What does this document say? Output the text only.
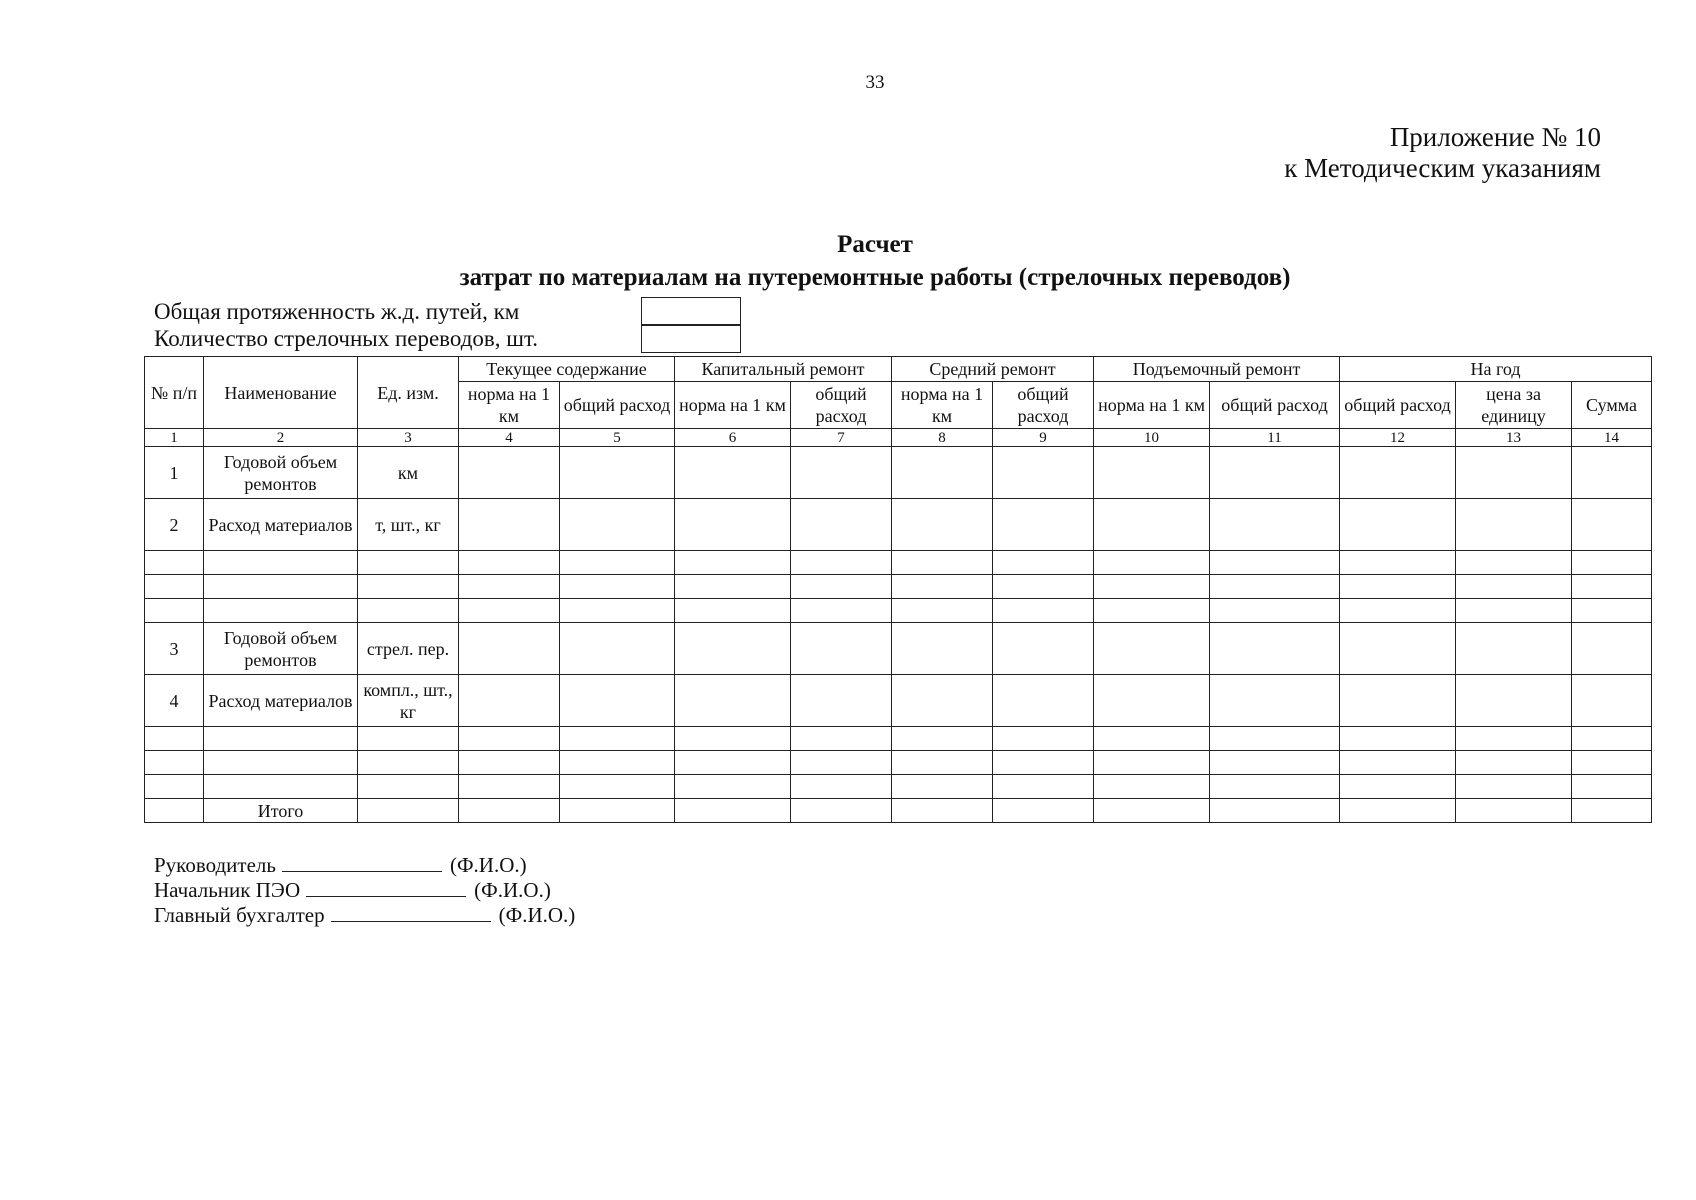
33
Приложение № 10
к Методическим указаниям
Расчет
затрат по материалам на путеремонтные работы (стрелочных переводов)
Общая протяженность ж.д. путей, км
Количество стрелочных переводов, шт.
№ п/п	Наименование	Ед. изм.	Текущее содержание		Капитальный ремонт		Средний ремонт		Подъемочный ремонт		На год		
			норма на 1 км	общий расход	норма на 1 км	общий расход	норма на 1 км	общий расход	норма на 1 км	общий расход	общий расход	цена за единицу	Сумма
1	2	3	4	5	6	7	8	9	10	11	12	13	14
1	Годовой объем ремонтов	км											
2	Расход материалов	т, шт., кг											

3	Годовой объем ремонтов	стрел. пер.											
4	Расход материалов	компл., шт., кг											

	Итого												
Руководитель	(Ф.И.О.)
Начальник ПЭО	(Ф.И.О.)
Главный бухгалтер	(Ф.И.О.)
